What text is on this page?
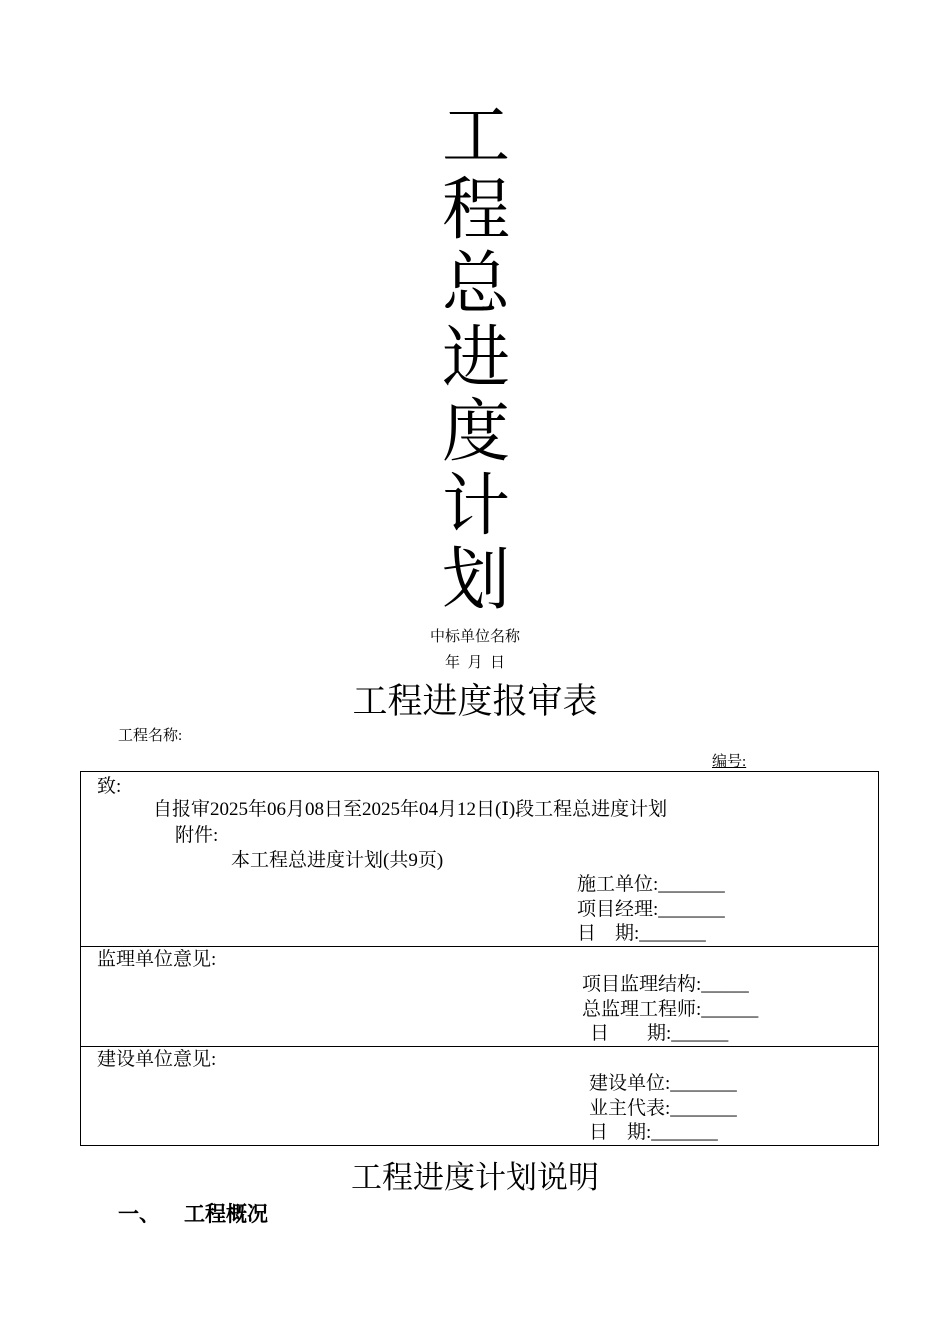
工
程
总
进
度
计
划
中标单位名称
年  月  日
工程进度报审表
工程名称:
编号:
致:
自报审2025年06月08日至2025年04月12日(Ⅰ)段工程总进度计划
附件:
本工程总进度计划(共9页)
施工单位:_______
项目经理:_______
日    期:_______

监理单位意见:
项目监理结构:_____
总监理工程师:______
日        期:______

建设单位意见:
建设单位:_______
业主代表:_______
日    期:_______
工程进度计划说明
一、 工程概况
